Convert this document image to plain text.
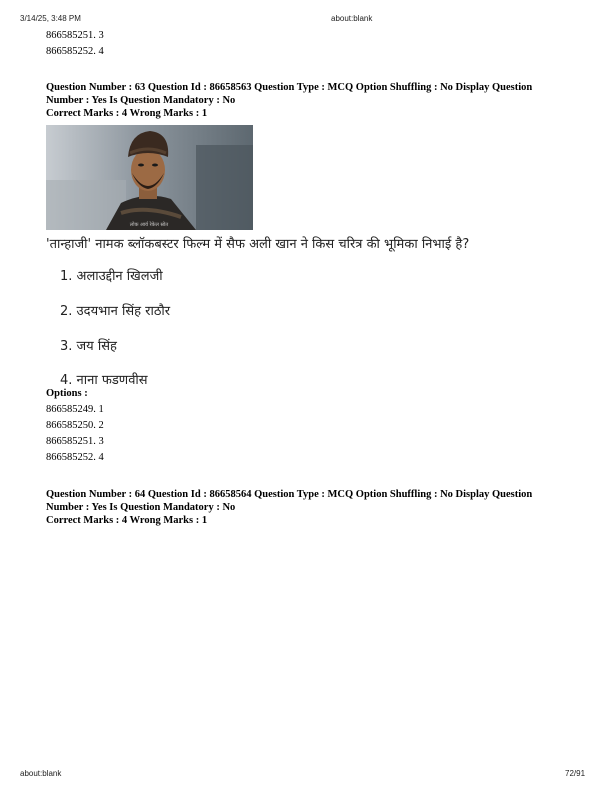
3/14/25, 3:48 PM	about:blank
866585251. 3
866585252. 4
Question Number : 63 Question Id : 86658563 Question Type : MCQ Option Shuffling : No Display Question
Number : Yes Is Question Mandatory : No
Correct Marks : 4 Wrong Marks : 1
लोक आर्य रेकेल स्रोत
'तान्हाजी' नामक ब्लॉकबस्टर फिल्म में सैफ अली खान ने किस चरित्र की भूमिका निभाई है?
1. अलाउद्दीन खिलजी
2. उदयभान सिंह राठौर
3. जय सिंह
4. नाना फडणवीस
Options :
866585249. 1
866585250. 2
866585251. 3
866585252. 4
Question Number : 64 Question Id : 86658564 Question Type : MCQ Option Shuffling : No Display Question
Number : Yes Is Question Mandatory : No
Correct Marks : 4 Wrong Marks : 1
about:blank	72/91
